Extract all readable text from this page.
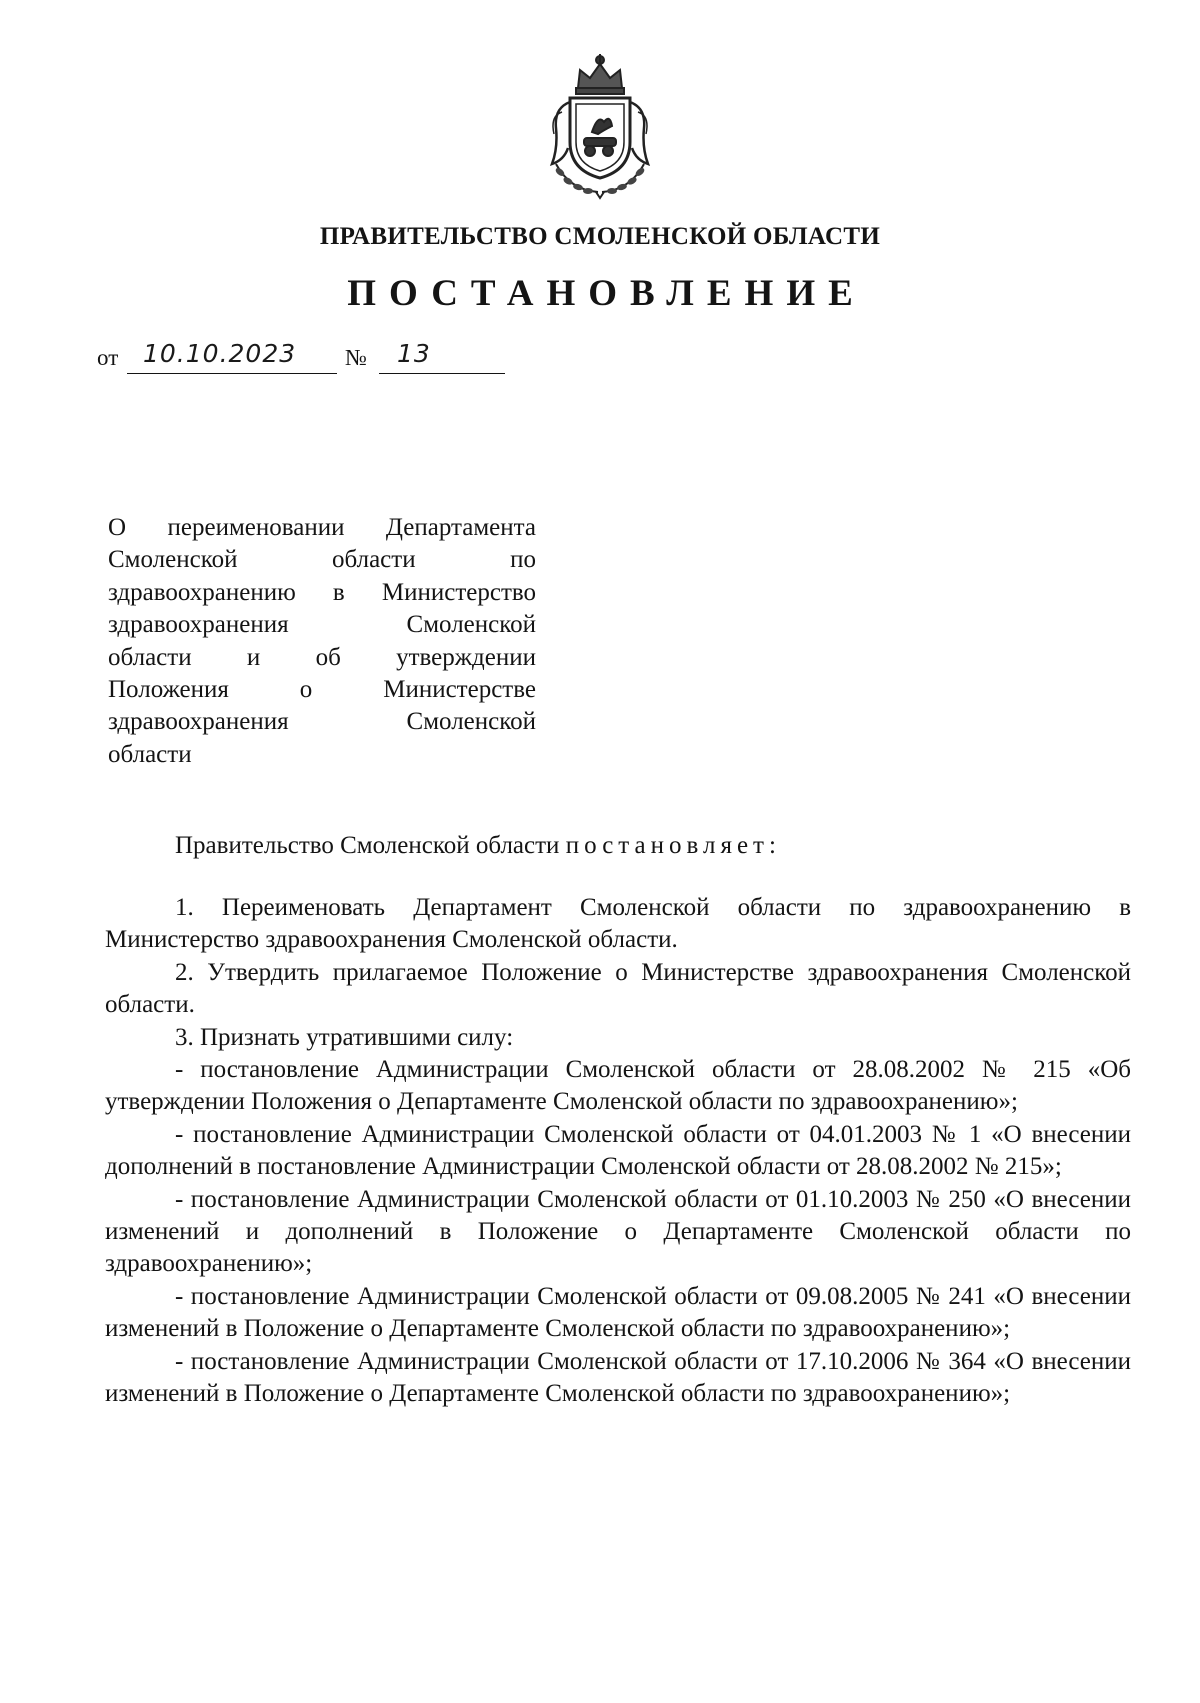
ПРАВИТЕЛЬСТВО СМОЛЕНСКОЙ ОБЛАСТИ
ПОСТАНОВЛЕНИЕ
от 10.10.2023 № 13
О переименовании Департамента
Смоленской	области	по
здравоохранению в Министерство
здравоохранения	Смоленской
области и об утверждении
Положения	о	Министерстве
здравоохранения	Смоленской
области

Правительство Смоленской области постановляет:

1. Переименовать Департамент Смоленской области по здравоохранению в Министерство здравоохранения Смоленской области.

2. Утвердить прилагаемое Положение о Министерстве здравоохранения Смоленской области.

3. Признать утратившими силу:

- постановление Администрации Смоленской области от 28.08.2002 № 215 «Об утверждении Положения о Департаменте Смоленской области по здравоохранению»;

- постановление Администрации Смоленской области от 04.01.2003 № 1 «О внесении дополнений в постановление Администрации Смоленской области от 28.08.2002 № 215»;

- постановление Администрации Смоленской области от 01.10.2003 № 250 «О внесении изменений и дополнений в Положение о Департаменте Смоленской области по здравоохранению»;

- постановление Администрации Смоленской области от 09.08.2005 № 241 «О внесении изменений в Положение о Департаменте Смоленской области по здравоохранению»;

- постановление Администрации Смоленской области от 17.10.2006 № 364 «О внесении изменений в Положение о Департаменте Смоленской области по здравоохранению»;
